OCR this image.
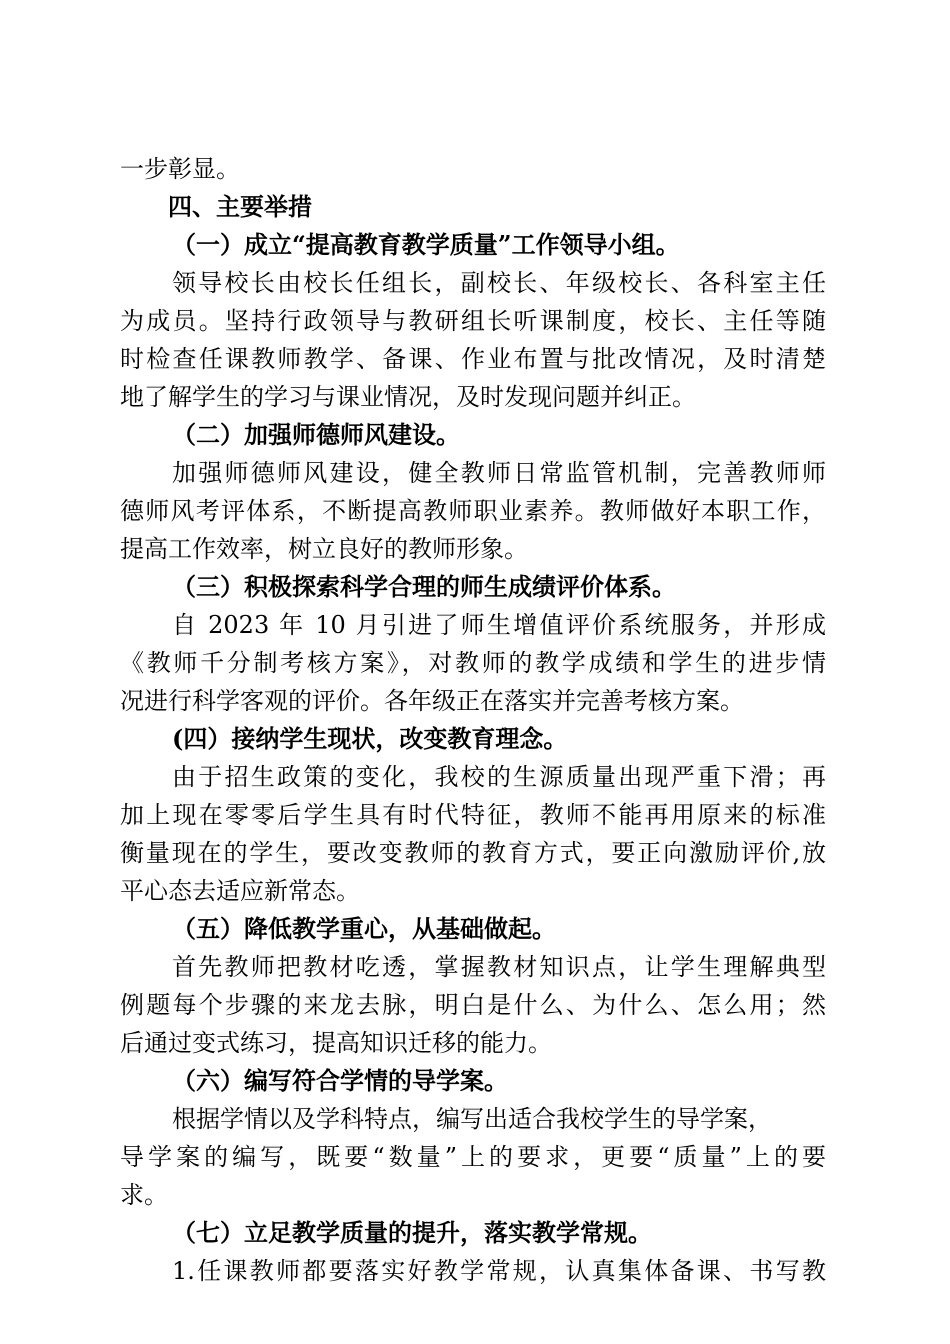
一步彰显。
四、主要举措
（一）成立“提高教育教学质量”工作领导小组。
领导校长由校长任组长，副校长、年级校长、各科室主任
为成员。坚持行政领导与教研组长听课制度，校长、主任等随
时检查任课教师教学、备课、作业布置与批改情况，及时清楚
地了解学生的学习与课业情况，及时发现问题并纠正。
（二）加强师德师风建设。
加强师德师风建设，健全教师日常监管机制，完善教师师
德师风考评体系，不断提高教师职业素养。教师做好本职工作，
提高工作效率，树立良好的教师形象。
（三）积极探索科学合理的师生成绩评价体系。
自 2023 年 10 月引进了师生增值评价系统服务，并形成
《教师千分制考核方案》，对教师的教学成绩和学生的进步情
况进行科学客观的评价。各年级正在落实并完善考核方案。
(四）接纳学生现状，改变教育理念。
由于招生政策的变化，我校的生源质量出现严重下滑；再
加上现在零零后学生具有时代特征，教师不能再用原来的标准
衡量现在的学生，要改变教师的教育方式，要正向激励评价,放
平心态去适应新常态。
（五）降低教学重心，从基础做起。
首先教师把教材吃透，掌握教材知识点，让学生理解典型
例题每个步骤的来龙去脉，明白是什么、为什么、怎么用；然
后通过变式练习，提高知识迁移的能力。
（六）编写符合学情的导学案。
根据学情以及学科特点，编写出适合我校学生的导学案，
导学案的编写，既要“数量”上的要求，更要“质量”上的要
求。
（七）立足教学质量的提升，落实教学常规。
1.任课教师都要落实好教学常规，认真集体备课、书写教
